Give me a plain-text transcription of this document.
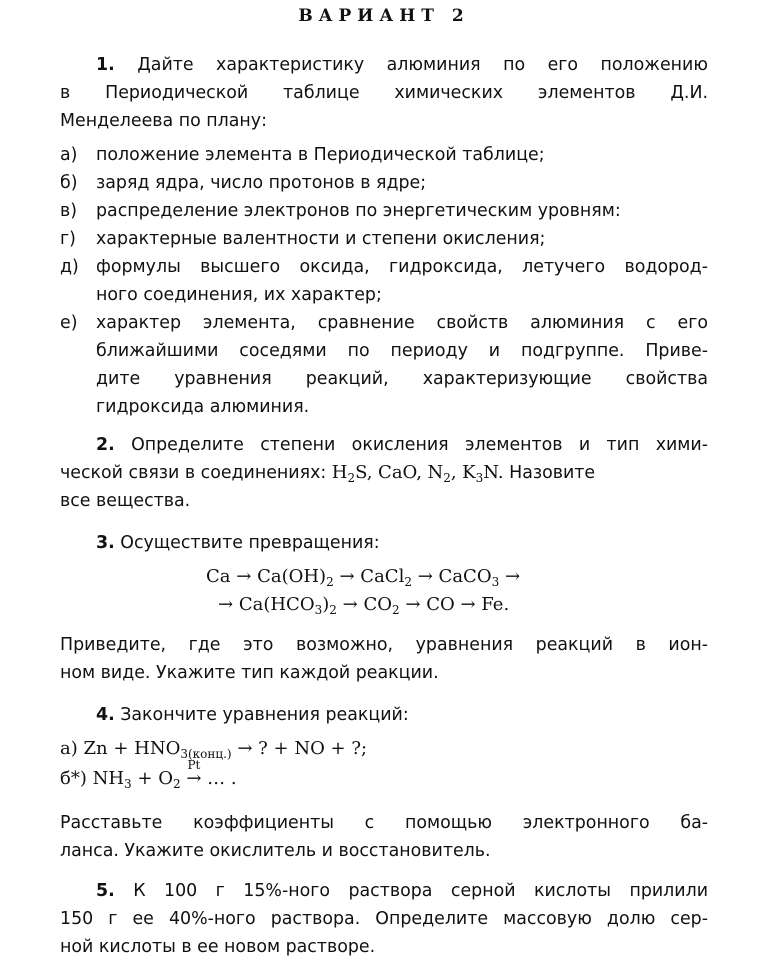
ВАРИАНТ 2
1. Дайте характеристику алюминия по его положению
в Периодической таблице химических элементов Д.И.
Менделеева по плану:
а) положение элемента в Периодической таблице;
б) заряд ядра, число протонов в ядре;
в) распределение электронов по энергетическим уровням:
г) характерные валентности и степени окисления;
д) формулы высшего оксида, гидроксида, летучего водород-
ного соединения, их характер;
е) характер элемента, сравнение свойств алюминия с его
ближайшими соседями по периоду и подгруппе. Приве-
дите уравнения реакций, характеризующие свойства
гидроксида алюминия.
2. Определите степени окисления элементов и тип хими-
ческой связи в соединениях: $H_2S$, CaO, $N_2$, $K_3N$. Назовите
все вещества.
3. Осуществите превращения:
$Ca \to Ca(OH)_2$ → CaCl$_2$ → CaCO$_3$ →
→ $Ca(HCO_3)_2 \to CO_2$ → CO → Fe.
Приведите, где это возможно, уравнения реакций в ион-
ном виде. Укажите тип каждой реакции.
4. Закончите уравнения реакций:
а) $Zn + HNO_{3(конц.)}$ → ? + NO + ?;
б*) $NH_3 + O_2$
Pt
→ … .
Расставьте коэффициенты с помощью электронного ба-
ланса. Укажите окислитель и восстановитель.
5. К 100 г 15%-ного раствора серной кислоты прилили
150 г ее 40%-ного раствора. Определите массовую долю сер-
ной кислоты в ее новом растворе.
